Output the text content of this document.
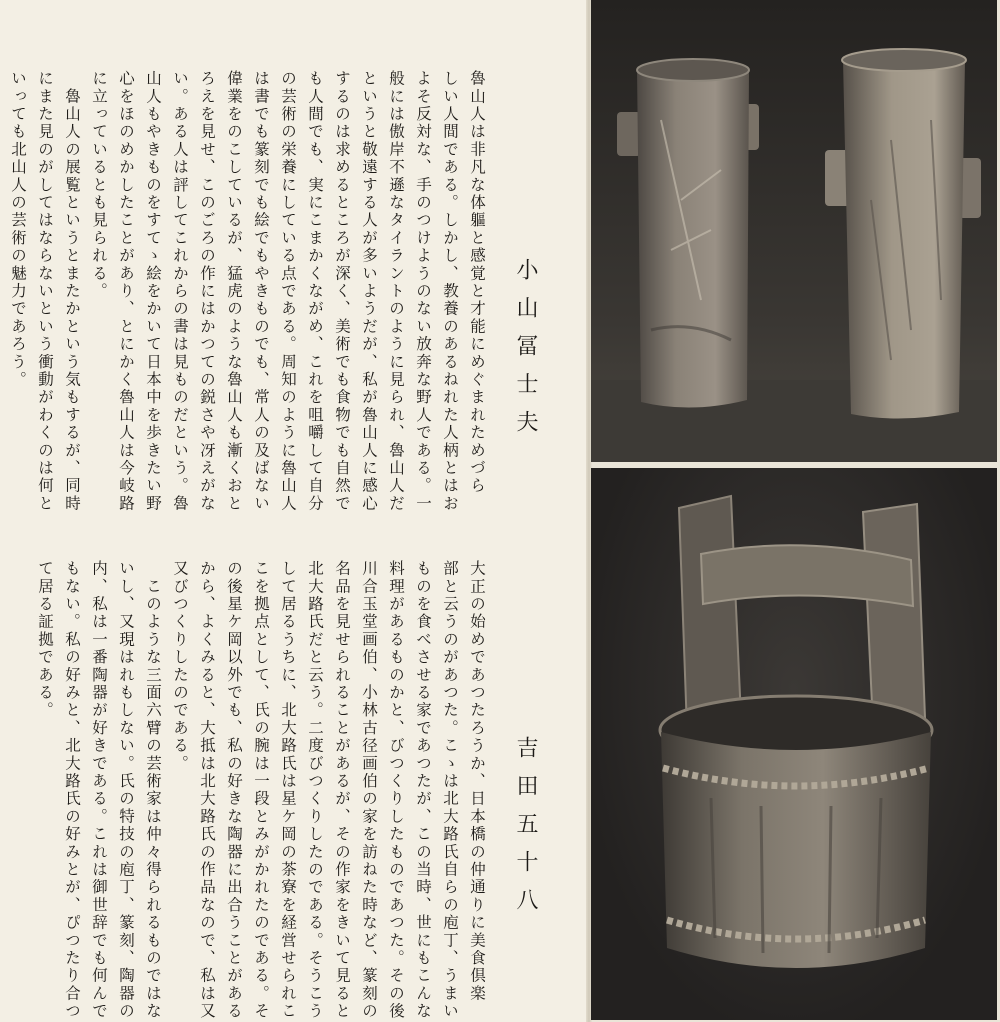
魯山人は非凡な体軀と感覚と才能にめぐまれためづら
しい人間である。しかし、教養のあるねれた人柄とはお
よそ反対な、手のつけようのない放奔な野人である。一
般には傲岸不遜なタイラントのように見られ、魯山人だ
というと敬遠する人が多いようだが、私が魯山人に感心
するのは求めるところが深く、美術でも食物でも自然で
も人間でも、実にこまかくながめ、これを咀嚼して自分
の芸術の栄養にしている点である。周知のように魯山人
は書でも篆刻でも絵でもやきものでも、常人の及ばない
偉業をのこしているが、猛虎のような魯山人も漸くおと
ろえを見せ、このごろの作にはかつての鋭さや冴えがな
い。ある人は評してこれからの書は見ものだという。魯
山人もやきものをすてゝ絵をかいて日本中を歩きたい野
心をほのめかしたことがあり、とにかく魯山人は今岐路
に立っているとも見られる。
　魯山人の展覧というとまたかという気もするが、同時
にまた見のがしてはならないという衝動がわくのは何と
いっても北山人の芸術の魅力であろう。	小山冨士夫
大正の始めであつたろうか、日本橋の仲通りに美食倶楽
部と云うのがあつた。こゝは北大路氏自らの庖丁、うまい
ものを食べさせる家であつたが、この当時、世にもこんな
料理があるものかと、びつくりしたものであつた。その後
川合玉堂画伯、小林古径画伯の家を訪ねた時など、篆刻の
名品を見せられることがあるが、その作家をきいて見ると
北大路氏だと云う。二度びつくりしたのである。そうこう
して居るうちに、北大路氏は星ケ岡の茶寮を経営せられこ
こを拠点として、氏の腕は一段とみがかれたのである。そ
の後星ケ岡以外でも、私の好きな陶器に出合うことがある
から、よくみると、大抵は北大路氏の作品なので、私は又
又びつくりしたのである。
　このような三面六臂の芸術家は仲々得られるものではな
いし、又現はれもしない。氏の特技の庖丁、篆刻、陶器の
内、私は一番陶器が好きである。これは御世辞でも何んで
もない。私の好みと、北大路氏の好みとが、ぴつたり合つ
て居る証拠である。
吉田五十八
